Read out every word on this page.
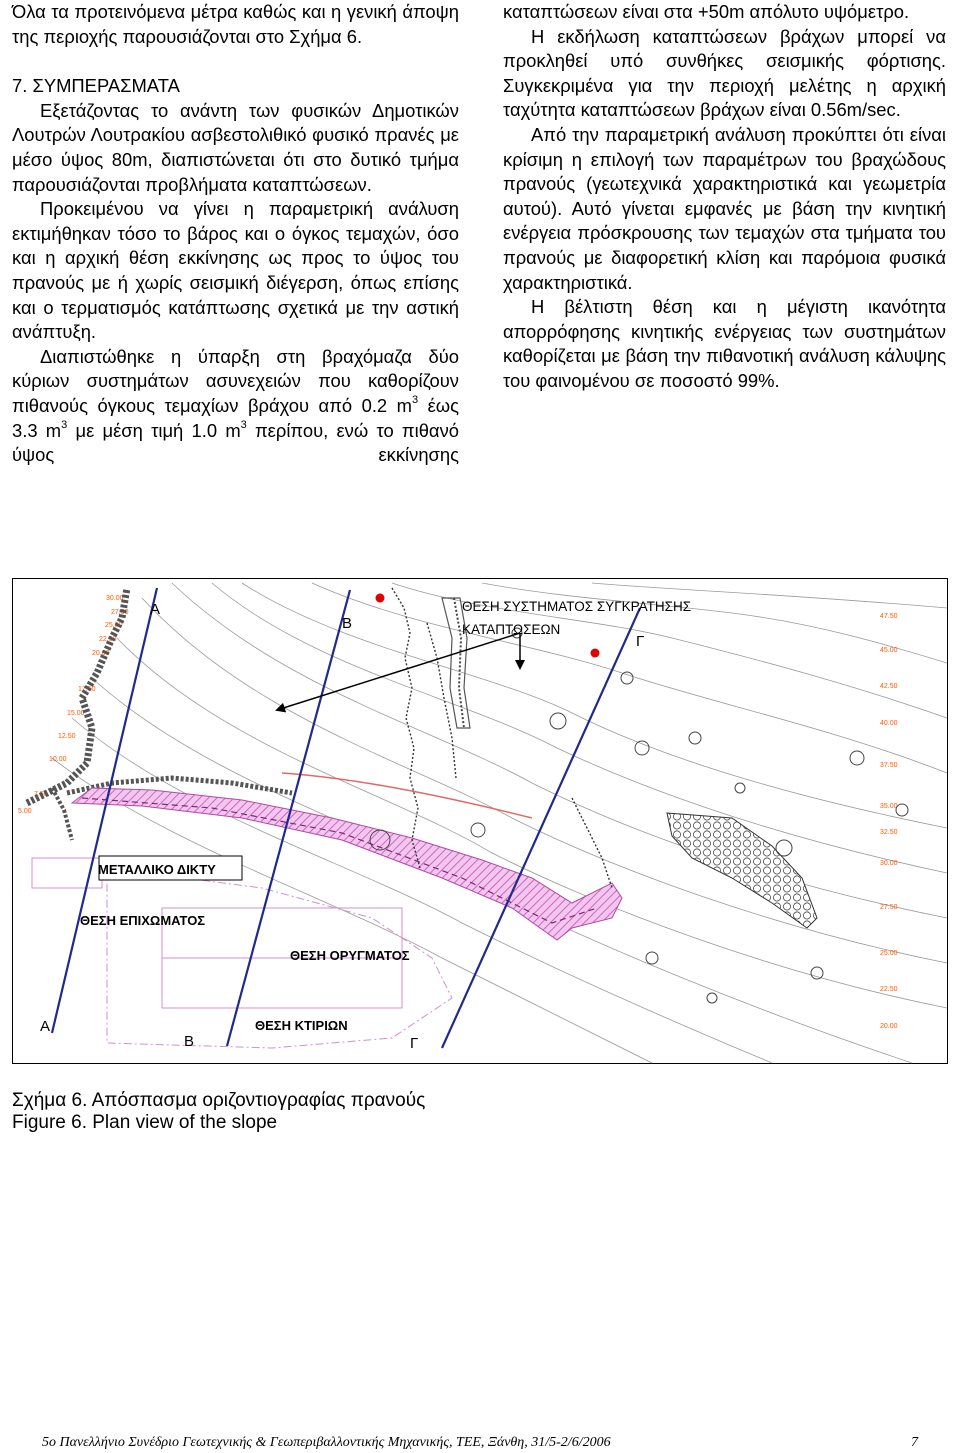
Όλα τα προτεινόμενα μέτρα καθώς και η γενική άποψη της περιοχής παρουσιάζονται στο Σχήμα 6.

7. ΣΥΜΠΕΡΑΣΜΑΤΑ

Εξετάζοντας το ανάντη των φυσικών Δημοτικών Λουτρών Λουτρακίου ασβεστολιθικό φυσικό πρανές με μέσο ύψος 80m, διαπιστώνεται ότι στο δυτικό τμήμα παρουσιάζονται προβλήματα καταπτώσεων.

Προκειμένου να γίνει η παραμετρική ανάλυση εκτιμήθηκαν τόσο το βάρος και ο όγκος τεμαχών, όσο και η αρχική θέση εκκίνησης ως προς το ύψος του πρανούς με ή χωρίς σεισμική διέγερση, όπως επίσης και ο τερματισμός κατάπτωσης σχετικά με την αστική ανάπτυξη.

Διαπιστώθηκε η ύπαρξη στη βραχόμαζα δύο κύριων συστημάτων ασυνεχειών που καθορίζουν πιθανούς όγκους τεμαχίων βράχου από 0.2 $m^3$ έως 3.3 $m^3$ με μέση τιμή 1.0 $m^3$ περίπου, ενώ το πιθανό ύψος εκκίνησης

καταπτώσεων είναι στα +50m απόλυτο υψόμετρο.

Η εκδήλωση καταπτώσεων βράχων μπορεί να προκληθεί υπό συνθήκες σεισμικής φόρτισης. Συγκεκριμένα για την περιοχή μελέτης η αρχική ταχύτητα καταπτώσεων βράχων είναι 0.56m/sec.

Από την παραμετρική ανάλυση προκύπτει ότι είναι κρίσιμη η επιλογή των παραμέτρων του βραχώδους πρανούς (γεωτεχνικά χαρακτηριστικά και γεωμετρία αυτού). Αυτό γίνεται εμφανές με βάση την κινητική ενέργεια πρόσκρουσης των τεμαχών στα τμήματα του πρανούς με διαφορετική κλίση και παρόμοια φυσικά χαρακτηριστικά.

Η βέλτιστη θέση και η μέγιστη ικανότητα απορρόφησης κινητικής ενέργειας των συστημάτων καθορίζεται με βάση την πιθανοτική ανάλυση κάλυψης του φαινομένου σε ποσοστό 99%.

30.00
27.50
25.00
22.50
20.00
17.50
15.00
12.50
10.00
7.50
5.00
47.50
45.00
42.50
40.00
37.50
35.00
32.50
30.00
27.50
25.00
22.50
20.00
Α
Β
Γ
ΘΕΣΗ ΣΥΣΤΗΜΑΤΟΣ ΣΥΓΚΡΑΤΗΣΗΣ
ΚΑΤΑΠΤΩΣΕΩΝ
ΜΕΤΑΛΛΙΚΟ ΔΙΚΤΥ
ΘΕΣΗ ΕΠΙΧΩΜΑΤΟΣ
ΘΕΣΗ ΟΡΥΓΜΑΤΟΣ
ΘΕΣΗ ΚΤΙΡΙΩΝ
Α
Β	Γ
Σχήμα 6. Απόσπασμα οριζοντιογραφίας πρανούς
Figure 6. Plan view of the slope
5ο Πανελλήνιο Συνέδριο Γεωτεχνικής & Γεωπεριβαλλοντικής Μηχανικής, ΤΕΕ, Ξάνθη, 31/5-2/6/2006	7
